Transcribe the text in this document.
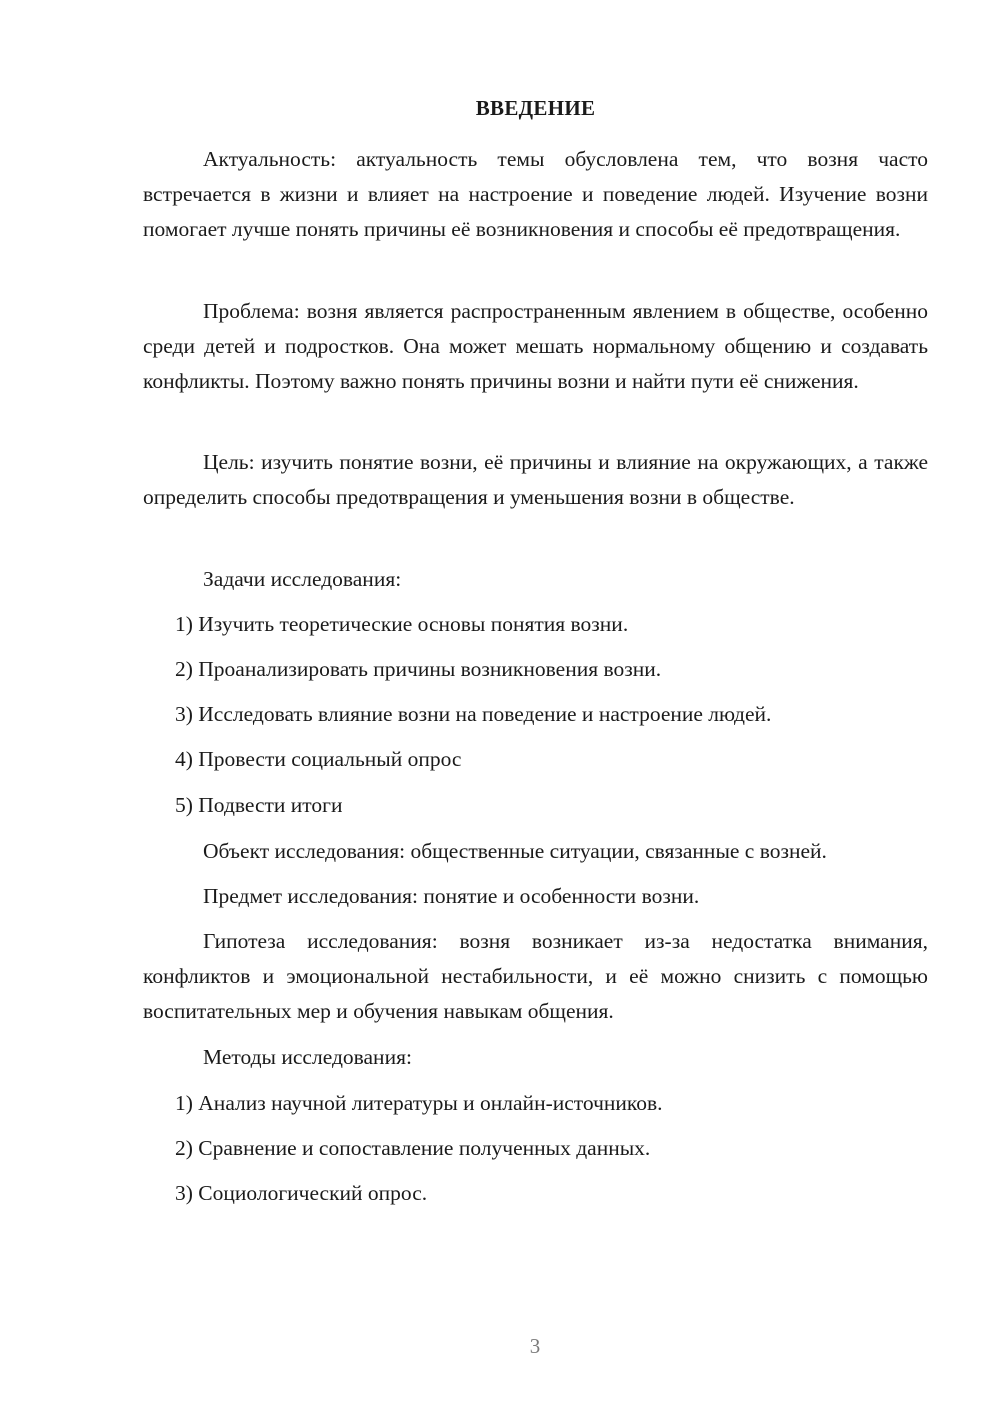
ВВЕДЕНИЕ
Актуальность: актуальность темы обусловлена тем, что возня часто встречается в жизни и влияет на настроение и поведение людей. Изучение возни помогает лучше понять причины её возникновения и способы её предотвращения.
Проблема: возня является распространенным явлением в обществе, особенно среди детей и подростков. Она может мешать нормальному общению и создавать конфликты. Поэтому важно понять причины возни и найти пути её снижения.
Цель: изучить понятие возни, её причины и влияние на окружающих, а также определить способы предотвращения и уменьшения возни в обществе.
Задачи исследования:
1) Изучить теоретические основы понятия возни.
2) Проанализировать причины возникновения возни.
3) Исследовать влияние возни на поведение и настроение людей.
4) Провести социальный опрос
5) Подвести итоги
Объект исследования: общественные ситуации, связанные с возней.
Предмет исследования: понятие и особенности возни.
Гипотеза исследования: возня возникает из-за недостатка внимания, конфликтов и эмоциональной нестабильности, и её можно снизить с помощью воспитательных мер и обучения навыкам общения.
Методы исследования:
1) Анализ научной литературы и онлайн-источников.
2) Сравнение и сопоставление полученных данных.
3) Социологический опрос.
3
